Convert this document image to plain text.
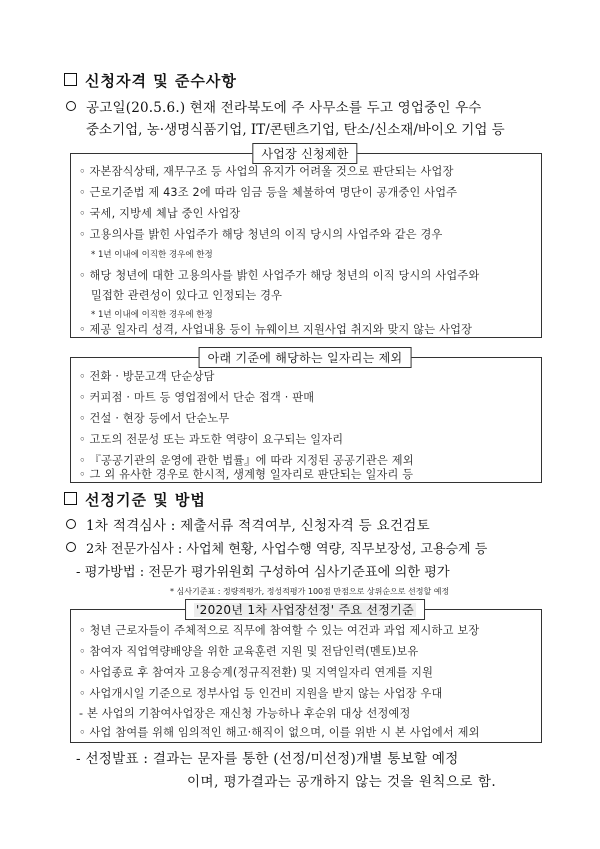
신청자격 및 준수사항
공고일(20.5.6.) 현재 전라북도에 주 사무소를 두고 영업중인 우수
중소기업, 농·생명식품기업, IT/콘텐츠기업, 탄소/신소재/바이오 기업 등
◦ 자본잠식상태, 재무구조 등 사업의 유지가 어려울 것으로 판단되는 사업장
◦ 근로기준법 제 43조 2에 따라 임금 등을 체불하여 명단이 공개중인 사업주
◦ 국세, 지방세 체납 중인 사업장
◦ 고용의사를 밝힌 사업주가 해당 청년의 이직 당시의 사업주와 같은 경우
* 1년 이내에 이직한 경우에 한정
◦ 해당 청년에 대한 고용의사를 밝힌 사업주가 해당 청년의 이직 당시의 사업주와
밀접한 관련성이 있다고 인정되는 경우
* 1년 이내에 이직한 경우에 한정
◦ 제공 일자리 성격, 사업내용 등이 뉴웨이브 지원사업 취지와 맞지 않는 사업장
사업장 신청제한
◦ 전화 · 방문고객 단순상담
◦ 커피점 · 마트 등 영업점에서 단순 접객 · 판매
◦ 건설 · 현장 등에서 단순노무
◦ 고도의 전문성 또는 과도한 역량이 요구되는 일자리
◦ 『공공기관의 운영에 관한 법률』에 따라 지정된 공공기관은 제외
◦ 그 외 유사한 경우로 한시적, 생계형 일자리로 판단되는 일자리 등
아래 기준에 해당하는 일자리는 제외
선정기준 및 방법
1차 적격심사 : 제출서류 적격여부, 신청자격 등 요건검토
2차 전문가심사 : 사업체 현황, 사업수행 역량, 직무보장성, 고용승계 등
- 평가방법 : 전문가 평가위원회 구성하여 심사기준표에 의한 평가
* 심사기준표 : 정량적평가, 정성적평가 100점 만점으로 상위순으로 선정할 예정
◦ 청년 근로자들이 주체적으로 직무에 참여할 수 있는 여건과 과업 제시하고 보장
◦ 참여자 직업역량배양을 위한 교육훈련 지원 및 전담인력(멘토)보유
◦ 사업종료 후 참여자 고용승계(정규직전환) 및 지역일자리 연계를 지원
◦ 사업개시일 기준으로 정부사업 등 인건비 지원을 받지 않는 사업장 우대
- 본 사업의 기참여사업장은 재신청 가능하나 후순위 대상 선정예정
◦ 사업 참여를 위해 임의적인 해고·해직이 없으며, 이를 위반 시 본 사업에서 제외
'2020년 1차 사업장선정' 주요 선정기준
- 선정발표 : 결과는 문자를 통한 (선정/미선정)개별 통보할 예정
이며, 평가결과는 공개하지 않는 것을 원칙으로 함.
